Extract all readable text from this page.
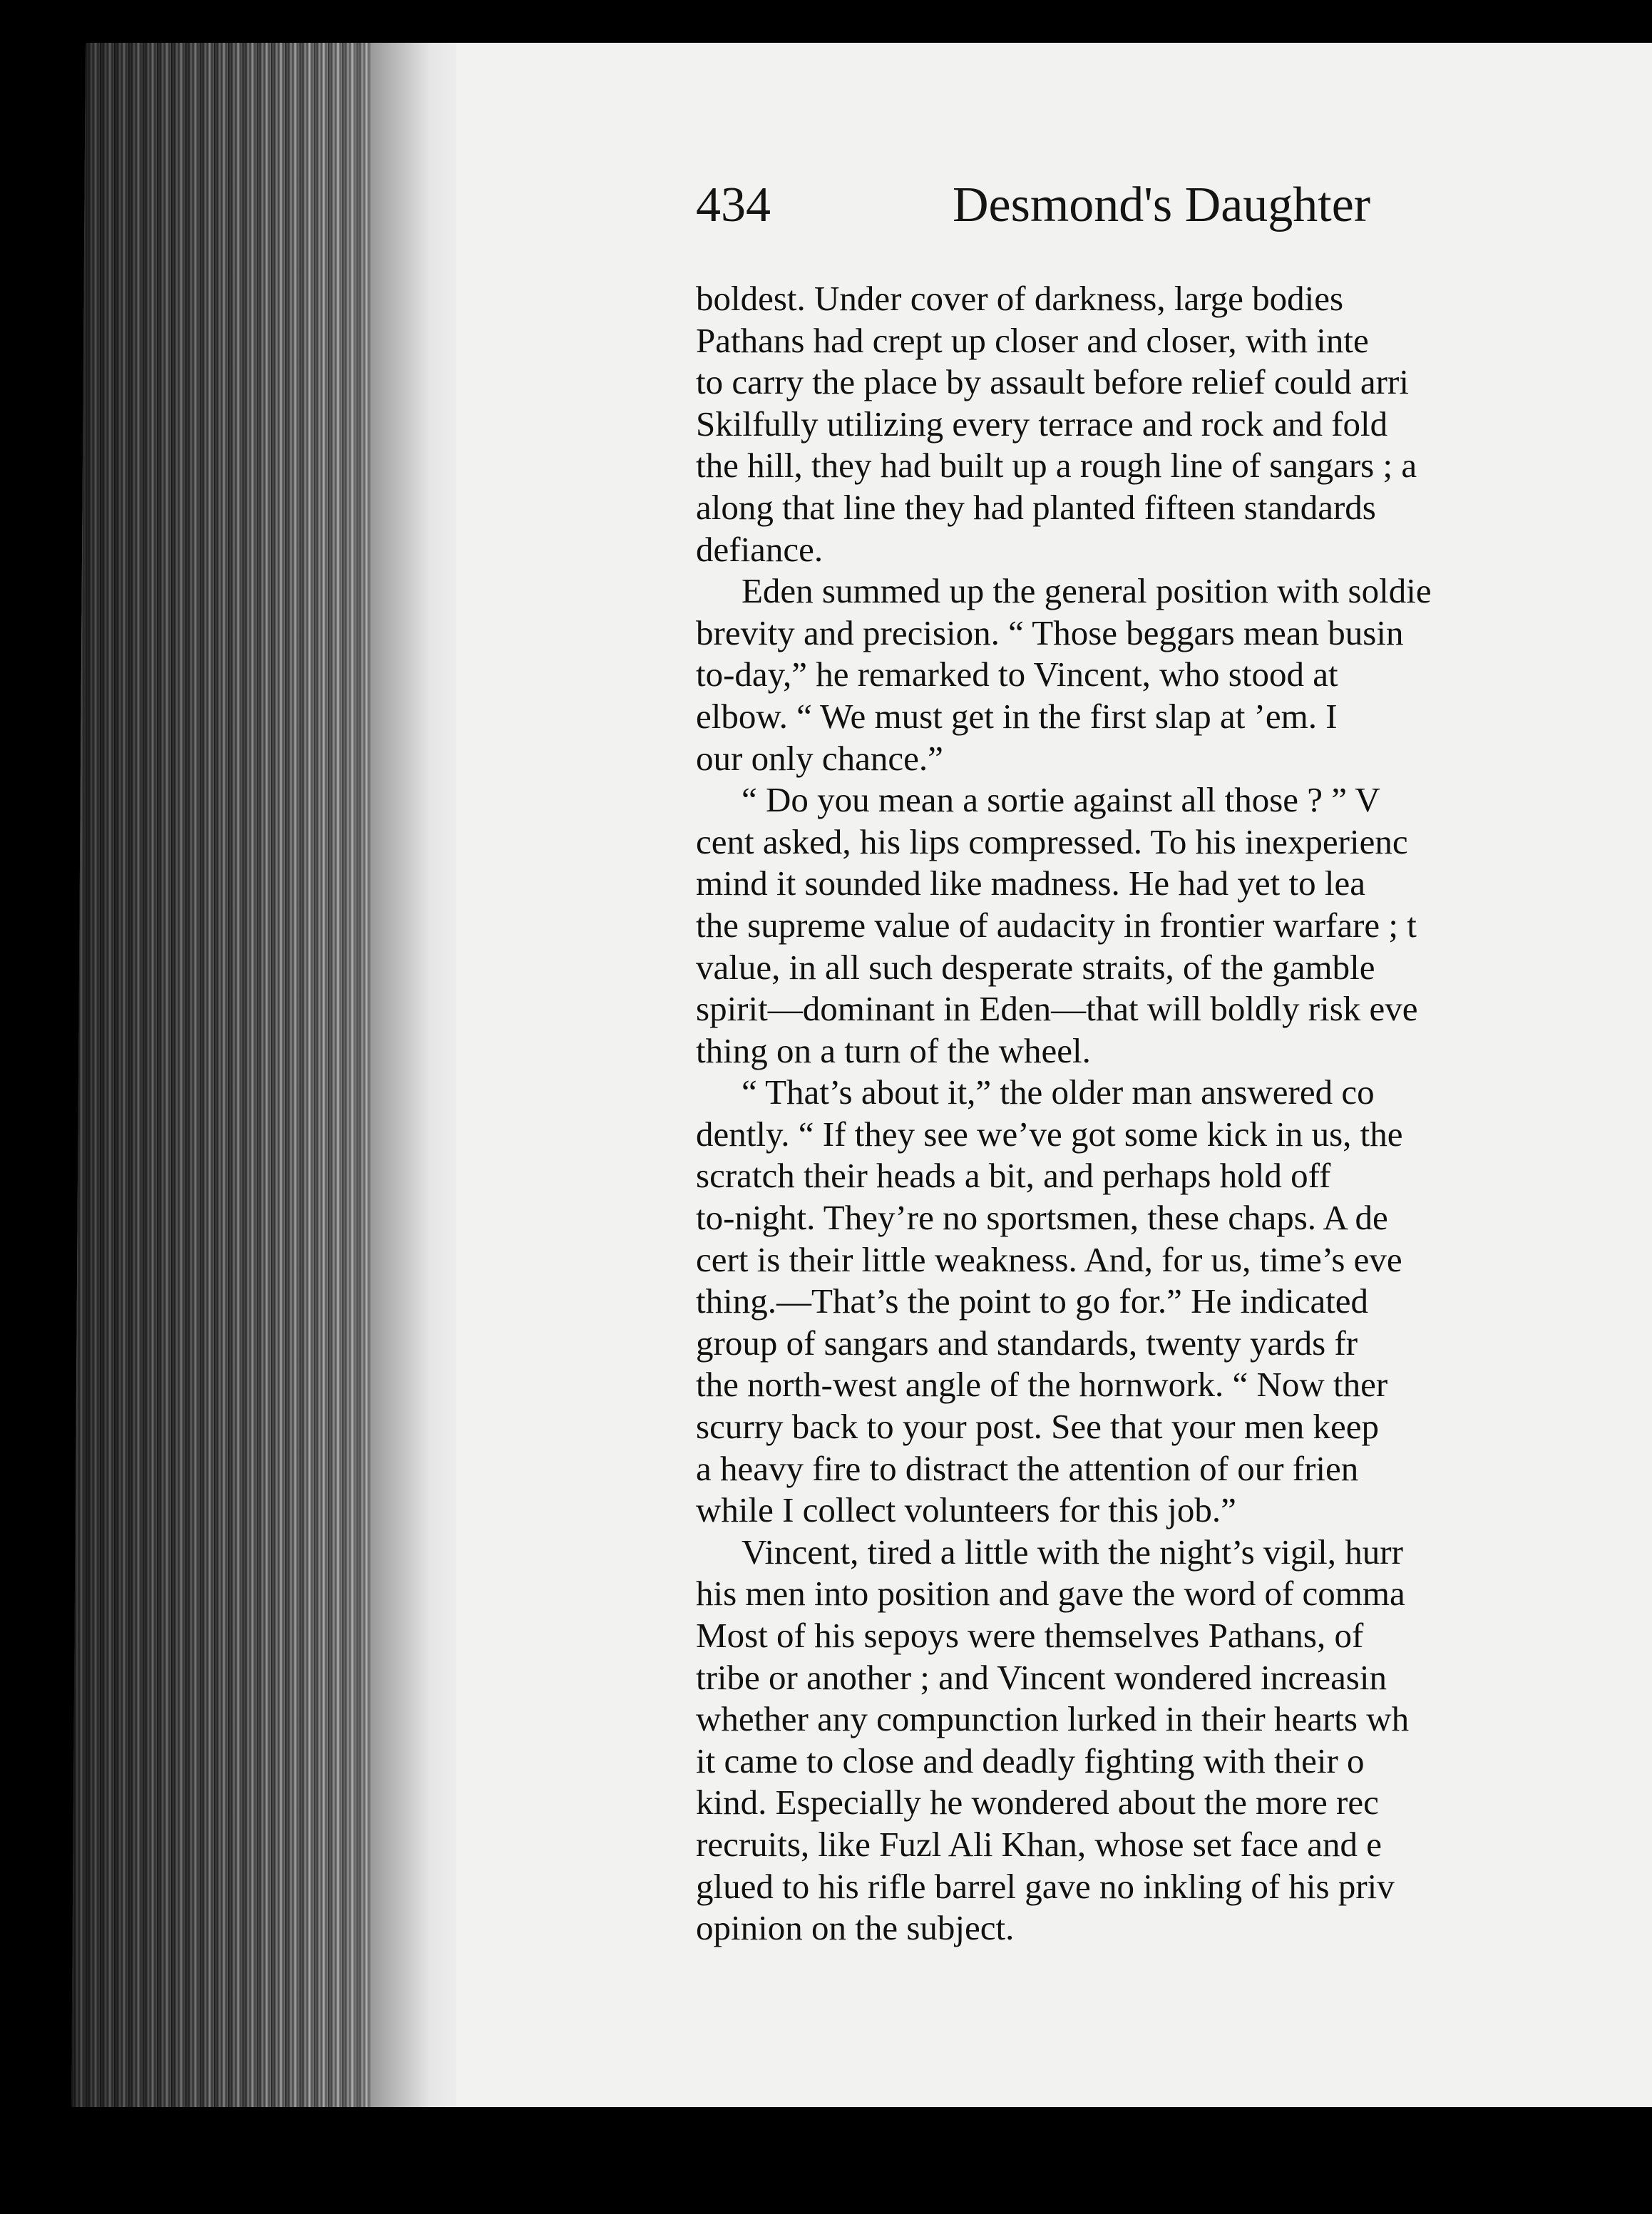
434	Desmond's Daughter
boldest. Under cover of darkness, large bodies
Pathans had crept up closer and closer, with inte
to carry the place by assault before relief could arri
Skilfully utilizing every terrace and rock and fold
the hill, they had built up a rough line of sangars ; a
along that line they had planted fifteen standards
defiance.
Eden summed up the general position with soldie
brevity and precision. “ Those beggars mean busin
to-day,” he remarked to Vincent, who stood at
elbow. “ We must get in the first slap at ’em. I
our only chance.”
“ Do you mean a sortie against all those ? ” V
cent asked, his lips compressed. To his inexperienc
mind it sounded like madness. He had yet to lea
the supreme value of audacity in frontier warfare ; t
value, in all such desperate straits, of the gamble
spirit—dominant in Eden—that will boldly risk eve
thing on a turn of the wheel.
“ That’s about it,” the older man answered co
dently. “ If they see we’ve got some kick in us, the
scratch their heads a bit, and perhaps hold off
to-night. They’re no sportsmen, these chaps. A de
cert is their little weakness. And, for us, time’s eve
thing.—That’s the point to go for.” He indicated
group of sangars and standards, twenty yards fr
the north-west angle of the hornwork. “ Now ther
scurry back to your post. See that your men keep
a heavy fire to distract the attention of our frien
while I collect volunteers for this job.”
Vincent, tired a little with the night’s vigil, hurr
his men into position and gave the word of comma
Most of his sepoys were themselves Pathans, of
tribe or another ; and Vincent wondered increasin
whether any compunction lurked in their hearts wh
it came to close and deadly fighting with their o
kind. Especially he wondered about the more rec
recruits, like Fuzl Ali Khan, whose set face and e
glued to his rifle barrel gave no inkling of his priv
opinion on the subject.
